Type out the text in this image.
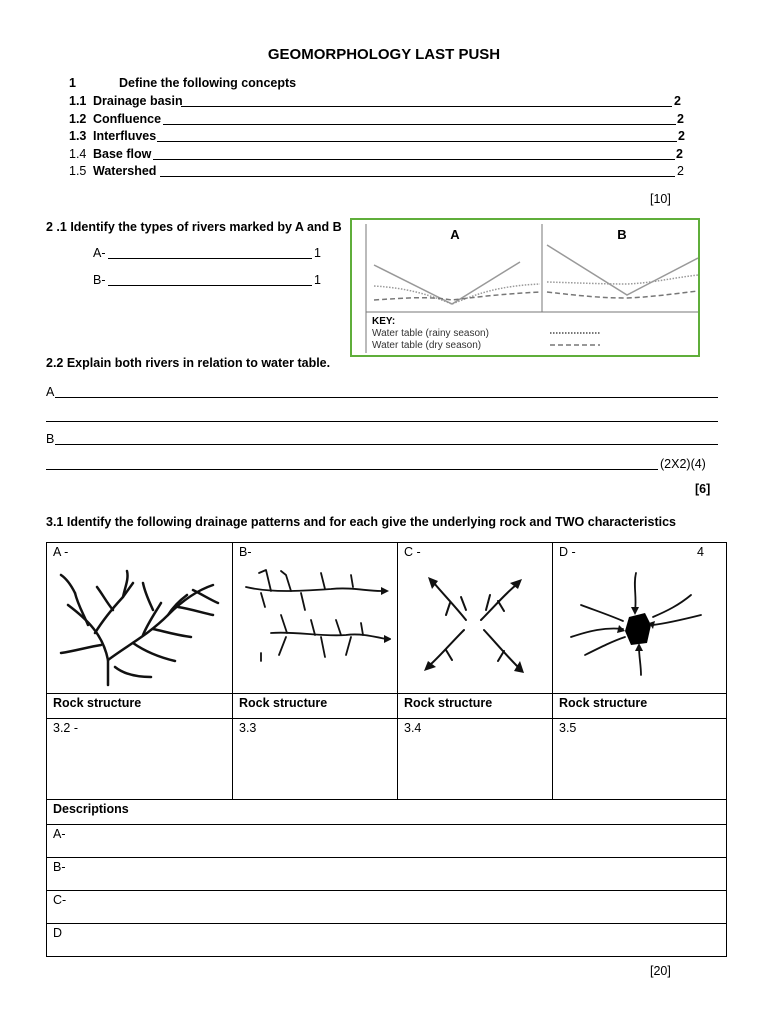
GEOMORPHOLOGY LAST PUSH
1	Define the following concepts
1.1 Drainage basin	2
1.2 Confluence	2
1.3 Interfluves	2
1.4 Base flow	2
1.5 Watershed	2
[10]
2 .1 Identify the types of rivers marked by A and B
A-	1
B-	1
A	B
KEY:
Water table (rainy season)
Water table (dry season)
2.2 Explain both rivers in relation to water table.
A
B
(2X2)(4)
[6]
3.1 Identify the following drainage patterns and for each give the underlying rock and TWO characteristics
A -	B-	C -	D - 4

Rock structure	Rock structure	Rock structure	Rock structure
3.2 -	3.3	3.4	3.5
Descriptions			
A-			
B-			
C-			
D			
[20]
